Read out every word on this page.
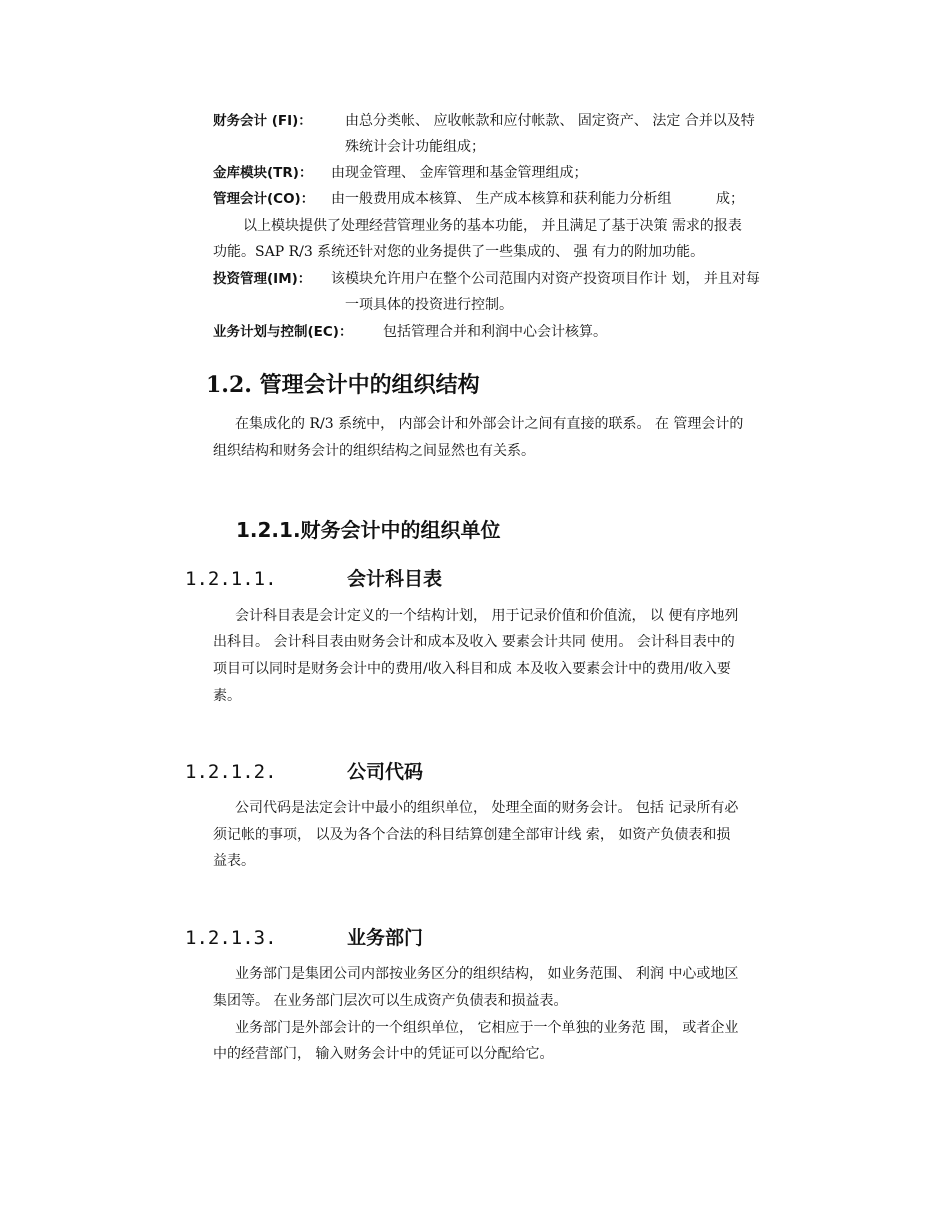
财务会计 (FI)： 由总分类帐、 应收帐款和应付帐款、 固定资产、 法定 合并以及特
殊统计会计功能组成；
金库模块(TR)： 由现金管理、 金库管理和基金管理组成；
管理会计(CO)： 由一般费用成本核算、 生产成本核算和获利能力分析组	成；
以上模块提供了处理经营管理业务的基本功能， 并且满足了基于决策 需求的报表
功能。SAP R/3 系统还针对您的业务提供了一些集成的、 强 有力的附加功能。
投资管理(IM)： 该模块允许用户在整个公司范围内对资产投资项目作计 划， 并且对每
一项具体的投资进行控制。
业务计划与控制(EC)： 包括管理合并和利润中心会计核算。
1.2. 管理会计中的组织结构
在集成化的 R/3 系统中， 内部会计和外部会计之间有直接的联系。 在 管理会计的
组织结构和财务会计的组织结构之间显然也有关系。
1.2.1.财务会计中的组织单位
1.2.1.1.	会计科目表
会计科目表是会计定义的一个结构计划， 用于记录价值和价值流， 以 便有序地列
出科目。 会计科目表由财务会计和成本及收入 要素会计共同 使用。 会计科目表中的
项目可以同时是财务会计中的费用/收入科目和成 本及收入要素会计中的费用/收入要
素。
1.2.1.2.	公司代码
公司代码是法定会计中最小的组织单位， 处理全面的财务会计。 包括 记录所有必
须记帐的事项， 以及为各个合法的科目结算创建全部审计线 索， 如资产负债表和损
益表。
1.2.1.3.	业务部门
业务部门是集团公司内部按业务区分的组织结构， 如业务范围、 利润 中心或地区
集团等。 在业务部门层次可以生成资产负债表和损益表。
业务部门是外部会计的一个组织单位， 它相应于一个单独的业务范 围， 或者企业
中的经营部门， 输入财务会计中的凭证可以分配给它。
